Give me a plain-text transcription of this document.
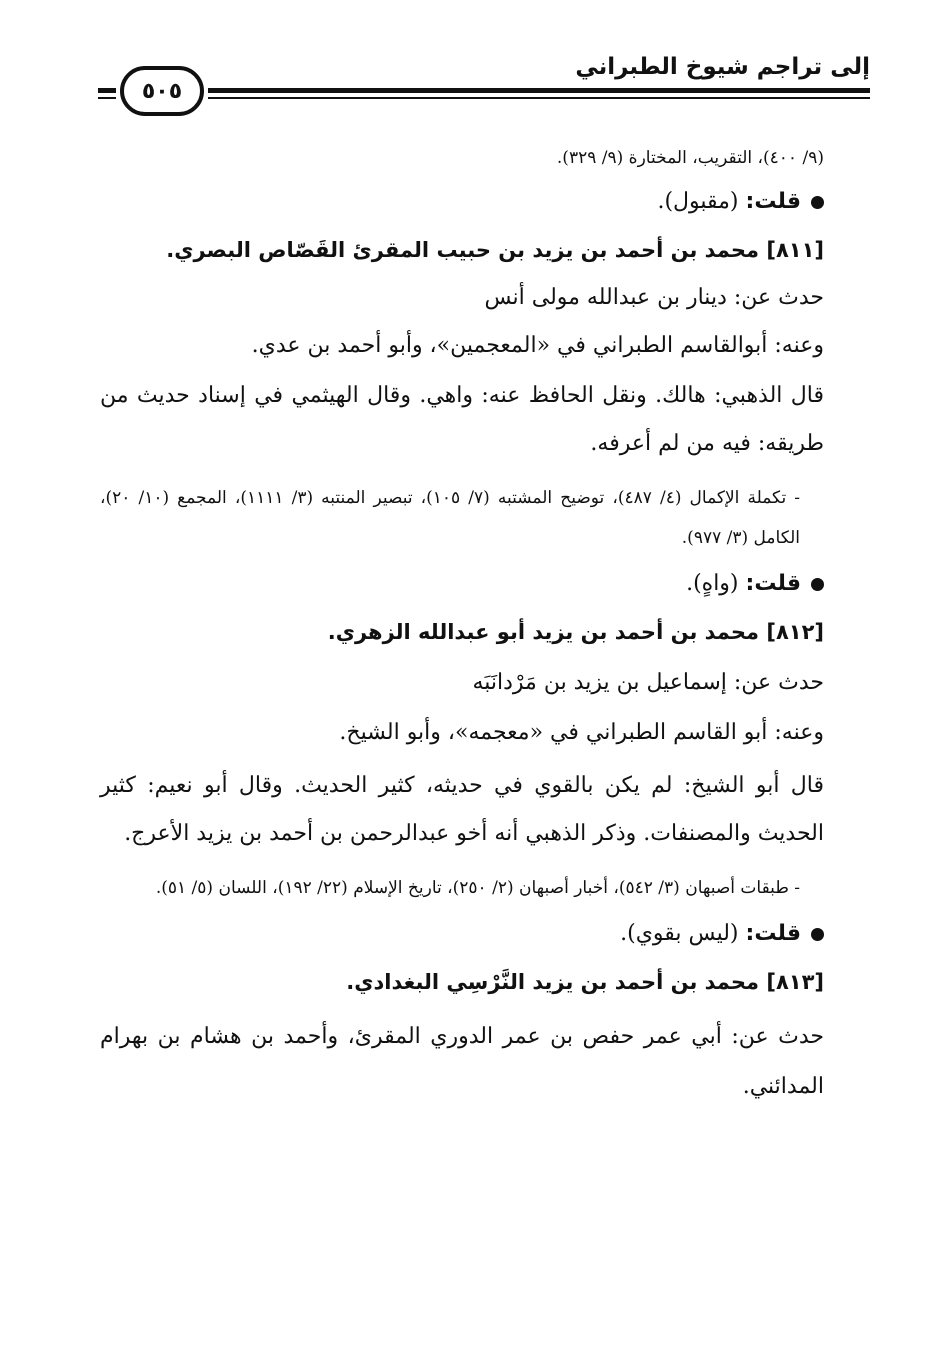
إلى تراجم شيوخ الطبراني
٥٠٥
(٩/ ٤٠٠)، التقريب، المختارة (٩/ ٣٢٩).
قلت: (مقبول).
[٨١١] محمد بن أحمد بن يزيد بن حبيب المقرئ القَصّاص البصري.
حدث عن: دينار بن عبدالله مولى أنس
وعنه: أبوالقاسم الطبراني في «المعجمين»، وأبو أحمد بن عدي.
قال الذهبي: هالك. ونقل الحافظ عنه: واهي. وقال الهيثمي في إسناد حديث من طريقه: فيه من لم أعرفه.
- تكملة الإكمال (٤/ ٤٨٧)، توضيح المشتبه (٧/ ١٠٥)، تبصير المنتبه (٣/ ١١١١)، المجمع (١٠/ ٢٠)، الكامل (٣/ ٩٧٧).
قلت: (واهٍ).
[٨١٢] محمد بن أحمد بن يزيد أبو عبدالله الزهري.
حدث عن: إسماعيل بن يزيد بن مَرْدانَبَه
وعنه: أبو القاسم الطبراني في «معجمه»، وأبو الشيخ.
قال أبو الشيخ: لم يكن بالقوي في حديثه، كثير الحديث. وقال أبو نعيم: كثير الحديث والمصنفات. وذكر الذهبي أنه أخو عبدالرحمن بن أحمد بن يزيد الأعرج.
- طبقات أصبهان (٣/ ٥٤٢)، أخبار أصبهان (٢/ ٢٥٠)، تاريخ الإسلام (٢٢/ ١٩٢)، اللسان (٥/ ٥١).
قلت: (ليس بقوي).
[٨١٣] محمد بن أحمد بن يزيد النَّرْسِي البغدادي.
حدث عن: أبي عمر حفص بن عمر الدوري المقرئ، وأحمد بن هشام بن بهرام المدائني.
